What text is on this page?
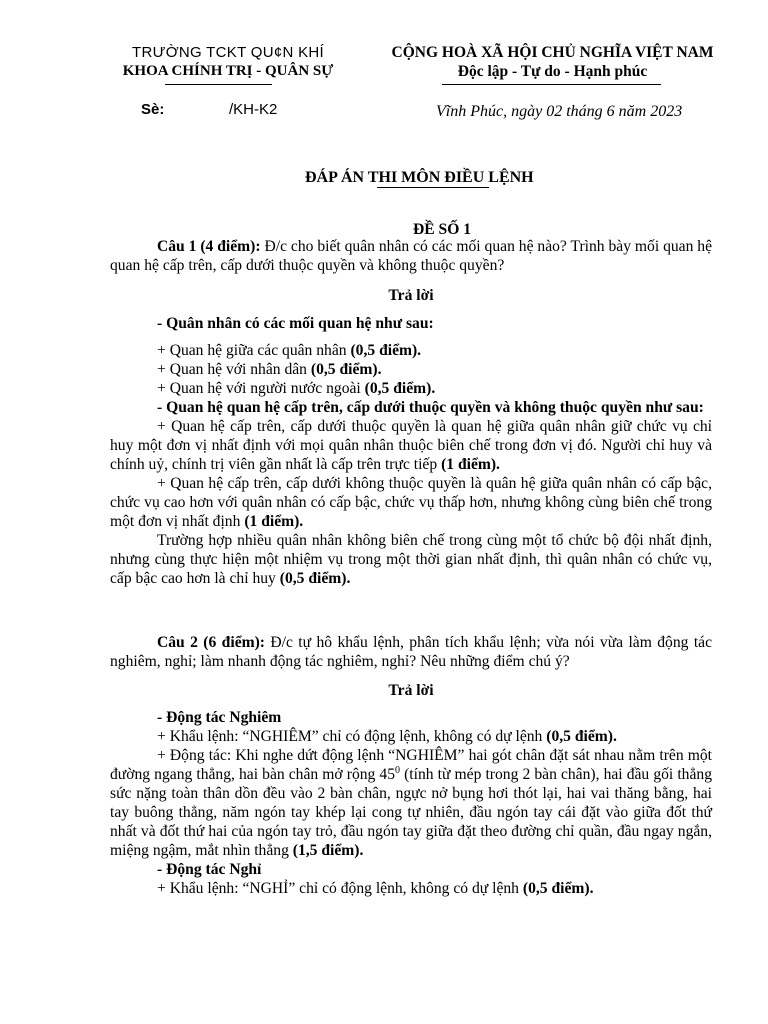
TRƯỜNG TCKT QU¢N KHÍ
KHOA CHÍNH TRỊ - QUÂN SỰ
CỘNG HOÀ XÃ HỘI CHỦ NGHĨA VIỆT NAM
Độc lập - Tự do - Hạnh phúc
Sè:	/KH-K2	Vĩnh Phúc, ngày 02 tháng 6 năm 2023
ĐÁP ÁN THI MÔN ĐIỀU LỆNH
ĐỀ SỐ 1

Câu 1 (4 điểm): Đ/c cho biết quân nhân có các mối quan hệ nào? Trình bày mối quan hệ quan hệ cấp trên, cấp dưới thuộc quyền và không thuộc quyền?

Trả lời

- Quân nhân có các mối quan hệ như sau:

+ Quan hệ giữa các quân nhân (0,5 điểm).

+ Quan hệ với nhân dân (0,5 điểm).

+ Quan hệ với người nước ngoài (0,5 điểm).

- Quan hệ quan hệ cấp trên, cấp dưới thuộc quyền và không thuộc quyền như sau:

+ Quan hệ cấp trên, cấp dưới thuộc quyền là quan hệ giữa quân nhân giữ chức vụ chỉ huy một đơn vị nhất định với mọi quân nhân thuộc biên chế trong đơn vị đó. Người chỉ huy và chính uỷ, chính trị viên gần nhất là cấp trên trực tiếp (1 điểm).

+ Quan hệ cấp trên, cấp dưới không thuộc quyền là quân hệ giữa quân nhân có cấp bậc, chức vụ cao hơn với quân nhân có cấp bậc, chức vụ thấp hơn, nhưng không cùng biên chế trong một đơn vị nhất định (1 điểm).

Trường hợp nhiều quân nhân không biên chế trong cùng một tổ chức bộ đội nhất định, nhưng cùng thực hiện một nhiệm vụ trong một thời gian nhất định, thì quân nhân có chức vụ, cấp bậc cao hơn là chỉ huy (0,5 điểm).

Câu 2 (6 điểm): Đ/c tự hô khẩu lệnh, phân tích khẩu lệnh; vừa nói vừa làm động tác nghiêm, nghỉ; làm nhanh động tác nghiêm, nghỉ? Nêu những điểm chú ý?

Trả lời

- Động tác Nghiêm

+ Khẩu lệnh: “NGHIÊM” chỉ có động lệnh, không có dự lệnh (0,5 điểm).

+ Động tác: Khi nghe dứt động lệnh “NGHIÊM” hai gót chân đặt sát nhau nằm trên một đường ngang thẳng, hai bàn chân mở rộng $45^0$ (tính từ mép trong 2 bàn chân), hai đầu gối thẳng sức nặng toàn thân dồn đều vào 2 bàn chân, ngực nở bụng hơi thót lại, hai vai thăng bằng, hai tay buông thẳng, năm ngón tay khép lại cong tự nhiên, đầu ngón tay cái đặt vào giữa đốt thứ nhất và đốt thứ hai của ngón tay trỏ, đầu ngón tay giữa đặt theo đường chỉ quần, đầu ngay ngắn, miệng ngậm, mắt nhìn thẳng (1,5 điểm).

- Động tác Nghỉ

+ Khẩu lệnh: “NGHỈ” chỉ có động lệnh, không có dự lệnh (0,5 điểm).
